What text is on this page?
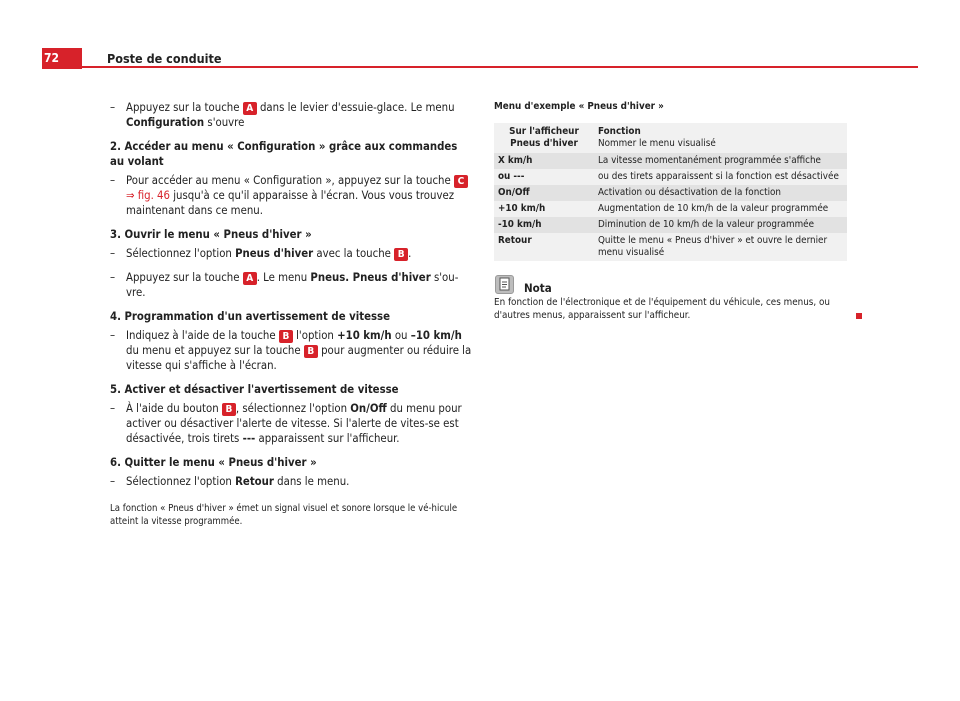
72	Poste de conduite
– Appuyez sur la touche A dans le levier d'essuie-glace. Le menu Configuration s'ouvre
2. Accéder au menu « Configuration » grâce aux commandes au volant
– Pour accéder au menu « Configuration », appuyez sur la touche C ⇒ fig. 46 jusqu'à ce qu'il apparaisse à l'écran. Vous vous trouvez maintenant dans ce menu.
3. Ouvrir le menu « Pneus d'hiver »
– Sélectionnez l'option Pneus d'hiver avec la touche B .
– Appuyez sur la touche A . Le menu Pneus. Pneus d'hiver s'ou-vre.
4. Programmation d'un avertissement de vitesse
– Indiquez à l'aide de la touche B l'option +10 km/h ou –10 km/h du menu et appuyez sur la touche B pour augmenter ou réduire la vitesse qui s'affiche à l'écran.
5. Activer et désactiver l'avertissement de vitesse
– À l'aide du bouton B , sélectionnez l'option On/Off du menu pour activer ou désactiver l'alerte de vitesse. Si l'alerte de vites-se est désactivée, trois tirets --- apparaissent sur l'afficheur.
6. Quitter le menu « Pneus d'hiver »
– Sélectionnez l'option Retour dans le menu.
La fonction « Pneus d'hiver » émet un signal visuel et sonore lorsque le vé-hicule atteint la vitesse programmée.
Menu d'exemple « Pneus d'hiver »
Sur l'afficheur Pneus d'hiver	Fonction
Nommer le menu visualisé
X km/h	La vitesse momentanément programmée s'affiche
ou ---	ou des tirets apparaissent si la fonction est désactivée
On/Off	Activation ou désactivation de la fonction
+10 km/h	Augmentation de 10 km/h de la valeur programmée
-10 km/h	Diminution de 10 km/h de la valeur programmée
Retour	Quitte le menu « Pneus d'hiver » et ouvre le dernier menu visualisé
Nota
En fonction de l'électronique et de l'équipement du véhicule, ces menus, ou d'autres menus, apparaissent sur l'afficheur.
